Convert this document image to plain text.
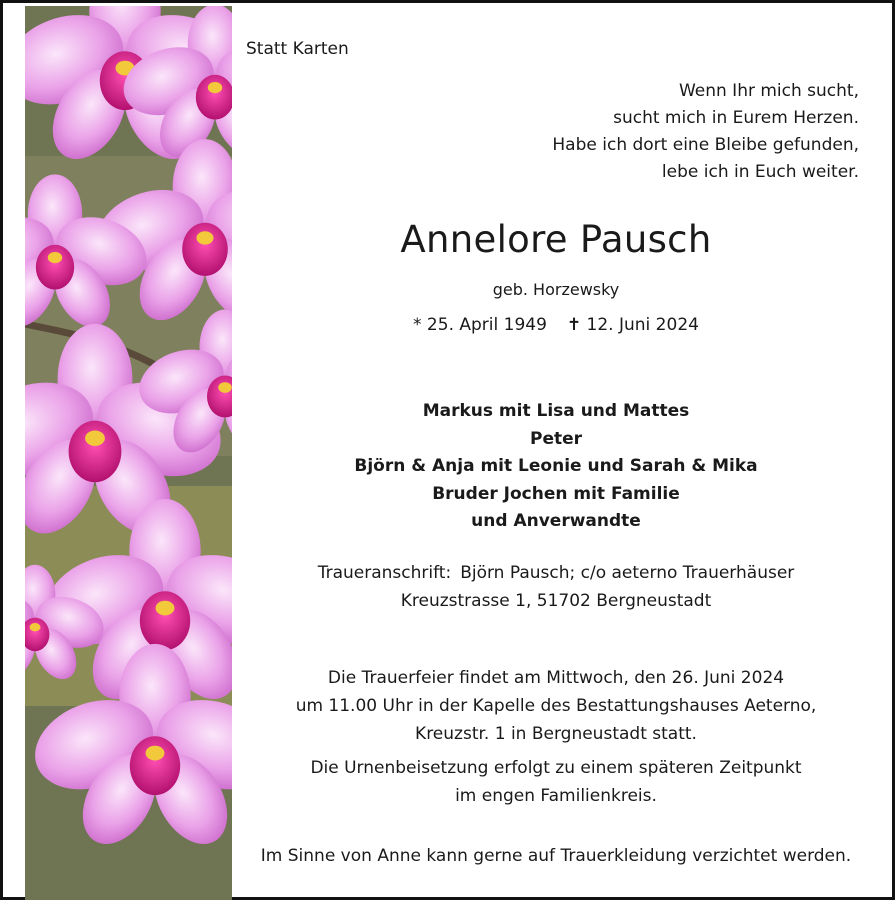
Statt Karten

Wenn Ihr mich sucht,
sucht mich in Eurem Herzen.
Habe ich dort eine Bleibe gefunden,
lebe ich in Euch weiter.

Annelore Pausch

geb. Horzewsky

* 25. April 1949 ✝ 12. Juni 2024

Markus mit Lisa und Mattes
Peter
Björn & Anja mit Leonie und Sarah & Mika
Bruder Jochen mit Familie
und Anverwandte
Traueranschrift: Björn Pausch; c/o aeterno Trauerhäuser
Kreuzstrasse 1, 51702 Bergneustadt
Die Trauerfeier findet am Mittwoch, den 26. Juni 2024
um 11.00 Uhr in der Kapelle des Bestattungshauses Aeterno,
Kreuzstr. 1 in Bergneustadt statt.
Die Urnenbeisetzung erfolgt zu einem späteren Zeitpunkt
im engen Familienkreis.

Im Sinne von Anne kann gerne auf Trauerkleidung verzichtet werden.
